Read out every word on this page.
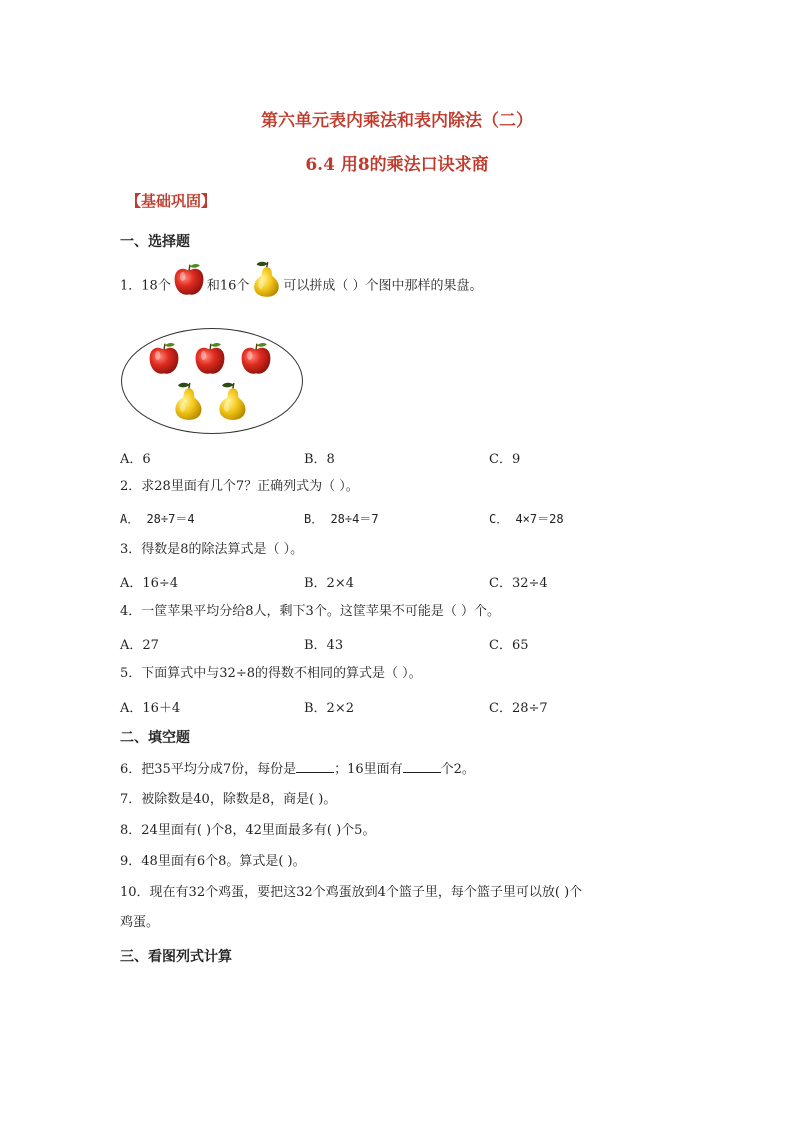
第六单元表内乘法和表内除法（二）
6.4 用8的乘法口诀求商
【基础巩固】
一、选择题
1．18个	和16个	可以拼成（ ）个图中那样的果盘。
A．6	B．8	C．9
2．求28里面有几个7？正确列式为（ ）。
A． 28÷7＝4	B． 28÷4＝7	C． 4×7＝28
3．得数是8的除法算式是（ ）。
A．16÷4	B．2×4	C．32÷4
4．一筐苹果平均分给8人，剩下3个。这筐苹果不可能是（ ）个。
A．27	B．43	C．65
5．下面算式中与32÷8的得数不相同的算式是（ ）。
A．16＋4	B．2×2	C．28÷7
二、填空题
6．把35平均分成7份，每份是	；16里面有	个2。
7．被除数是40，除数是8，商是( )。
8．24里面有( )个8，42里面最多有( )个5。
9．48里面有6个8。算式是( )。
10．现在有32个鸡蛋，要把这32个鸡蛋放到4个篮子里，每个篮子里可以放( )个
鸡蛋。
三、看图列式计算
